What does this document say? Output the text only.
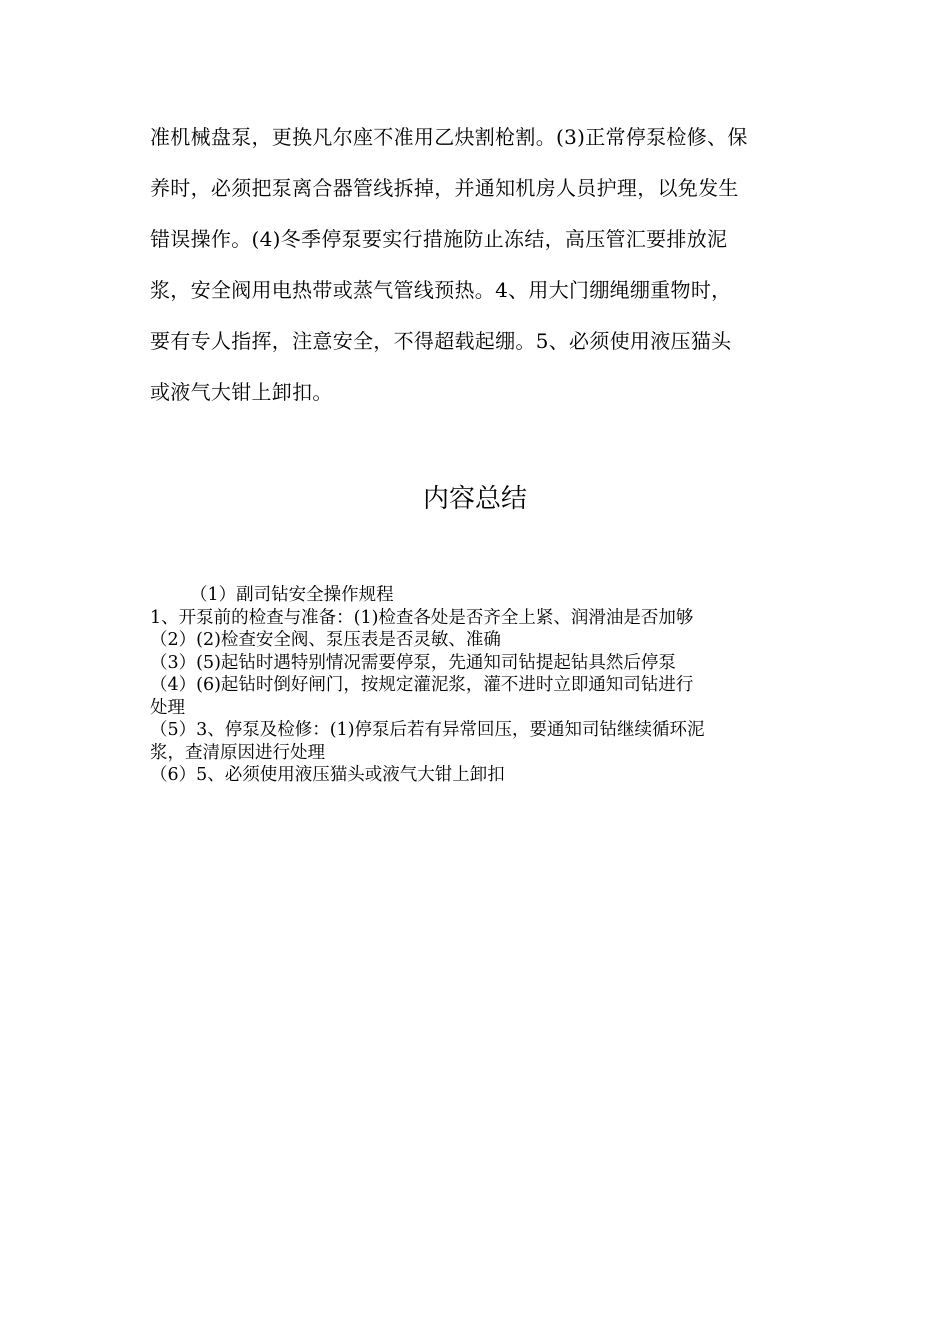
准机械盘泵，更换凡尔座不准用乙炔割枪割。(3)正常停泵检修、保
养时，必须把泵离合器管线拆掉，并通知机房人员护理，以免发生
错误操作。(4)冬季停泵要实行措施防止冻结，高压管汇要排放泥
浆，安全阀用电热带或蒸气管线预热。4、用大门绷绳绷重物时，
要有专人指挥，注意安全，不得超载起绷。5、必须使用液压猫头
或液气大钳上卸扣。
内容总结
（1）副司钻安全操作规程
1、开泵前的检查与准备：(1)检查各处是否齐全上紧、润滑油是否加够
（2）(2)检查安全阀、泵压表是否灵敏、准确
（3）(5)起钻时遇特别情况需要停泵，先通知司钻提起钻具然后停泵
（4）(6)起钻时倒好闸门，按规定灌泥浆，灌不进时立即通知司钻进行
处理
（5）3、停泵及检修：(1)停泵后若有异常回压，要通知司钻继续循环泥
浆，查清原因进行处理
（6）5、必须使用液压猫头或液气大钳上卸扣
